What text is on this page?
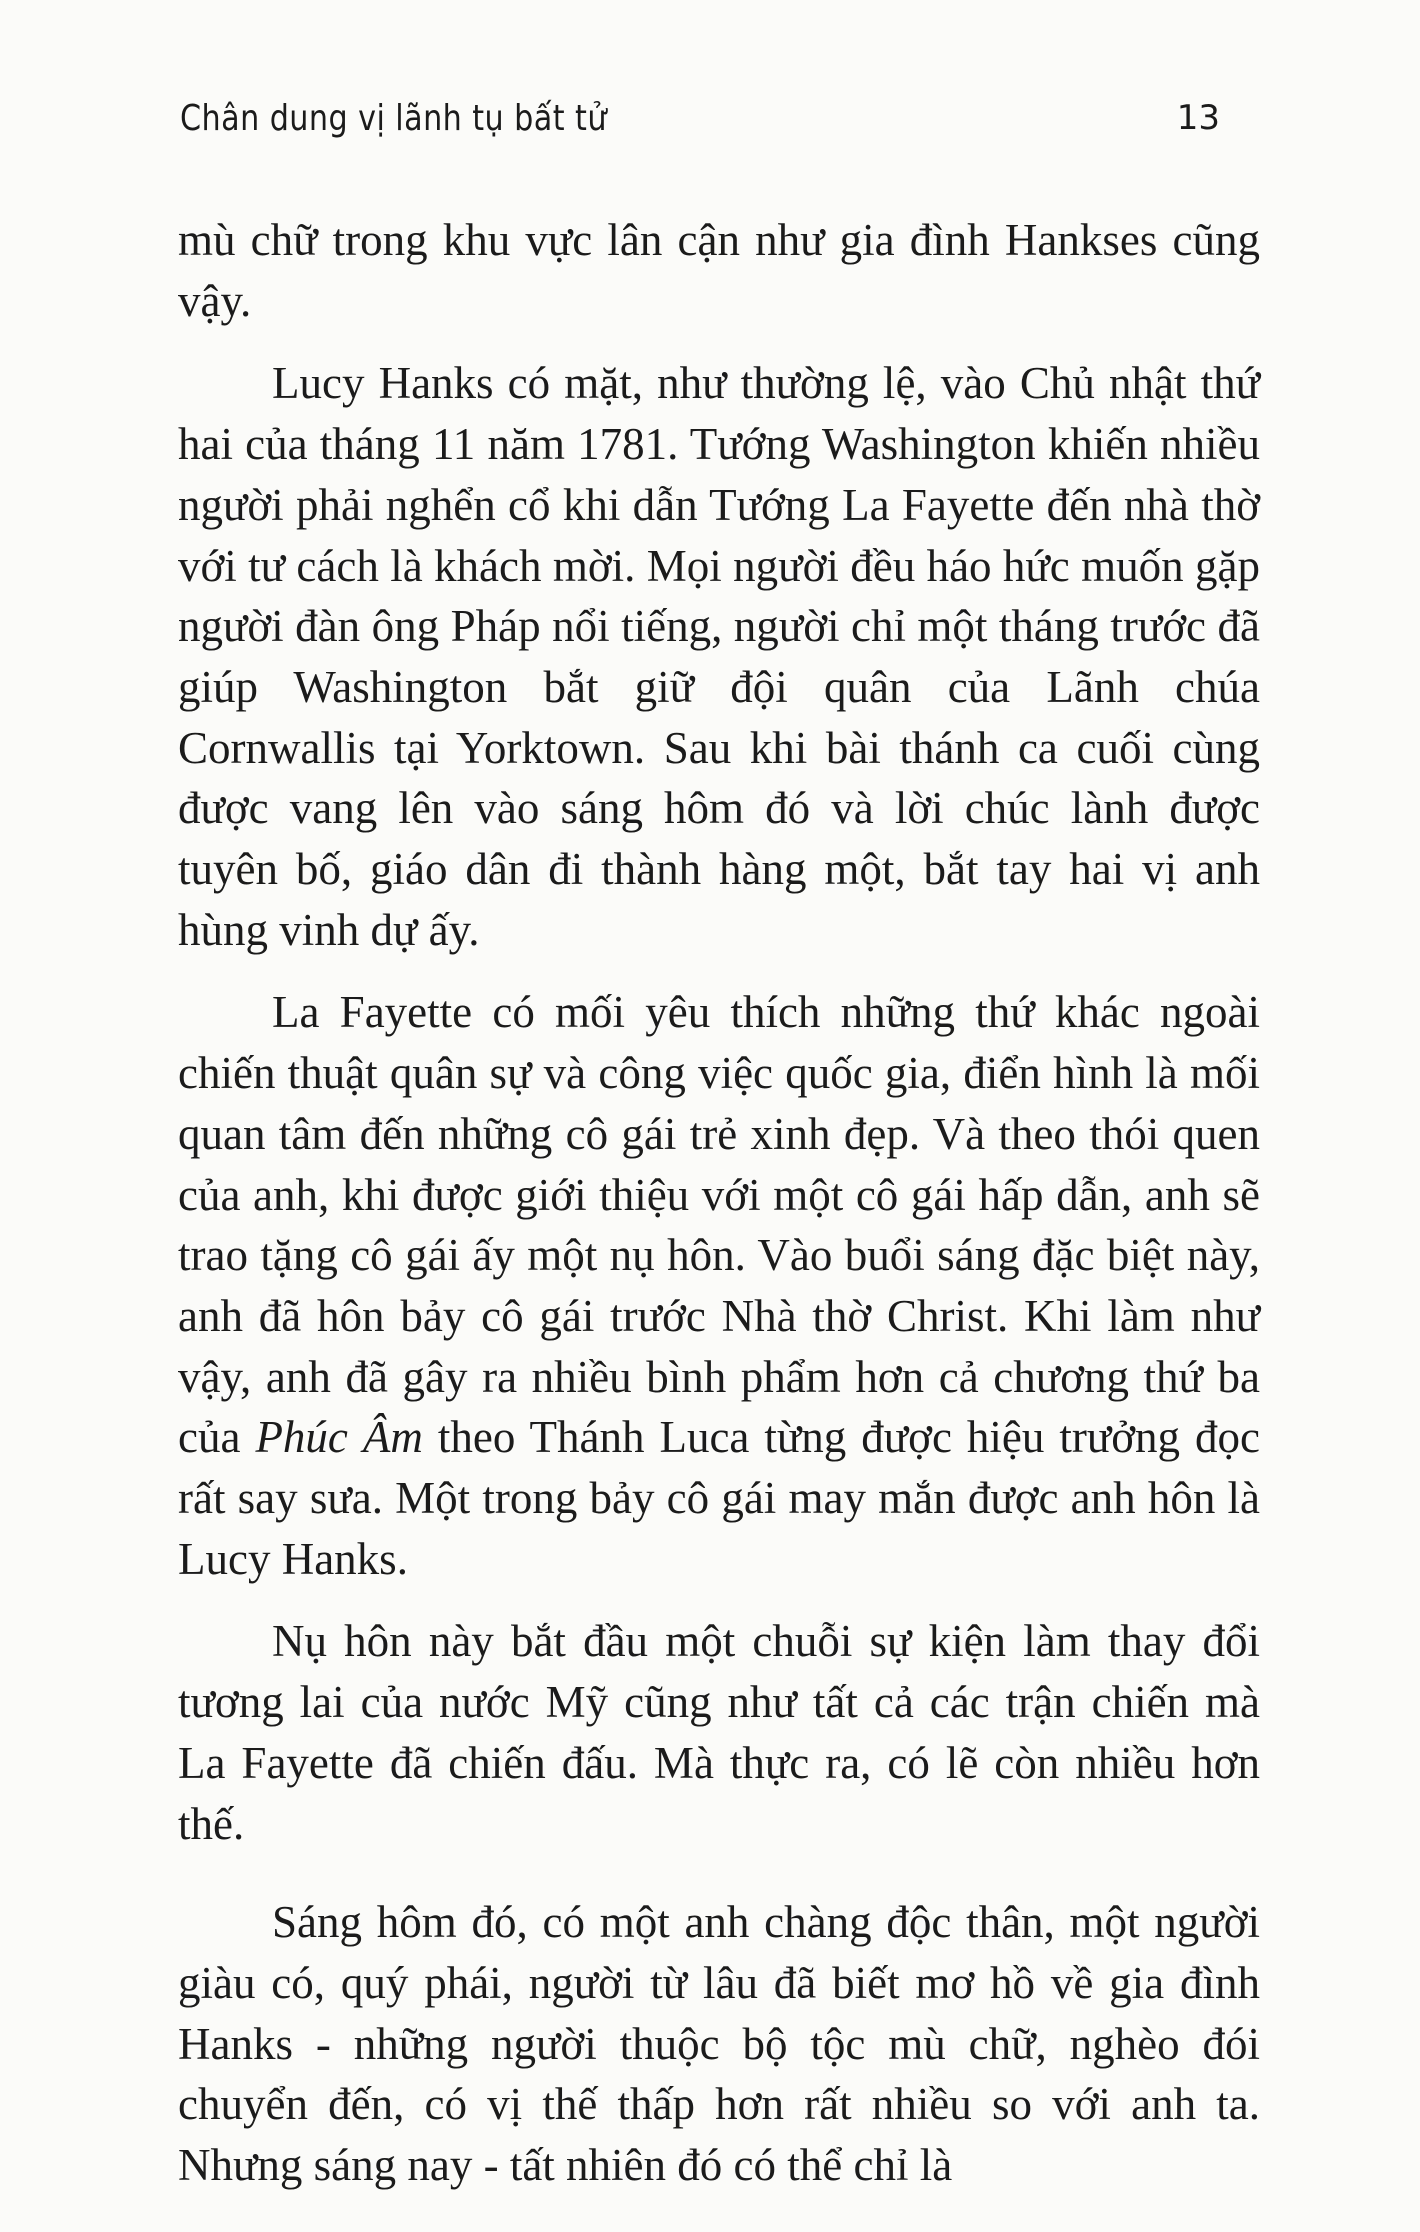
Chân dung vị lãnh tụ bất tử	13

mù chữ trong khu vực lân cận như gia đình Hankses cũng vậy.

Lucy Hanks có mặt, như thường lệ, vào Chủ nhật thứ hai của tháng 11 năm 1781. Tướng Washington khiến nhiều người phải nghển cổ khi dẫn Tướng La Fayette đến nhà thờ với tư cách là khách mời. Mọi người đều háo hức muốn gặp người đàn ông Pháp nổi tiếng, người chỉ một tháng trước đã giúp Washington bắt giữ đội quân của Lãnh chúa Cornwallis tại Yorktown. Sau khi bài thánh ca cuối cùng được vang lên vào sáng hôm đó và lời chúc lành được tuyên bố, giáo dân đi thành hàng một, bắt tay hai vị anh hùng vinh dự ấy.

La Fayette có mối yêu thích những thứ khác ngoài chiến thuật quân sự và công việc quốc gia, điển hình là mối quan tâm đến những cô gái trẻ xinh đẹp. Và theo thói quen của anh, khi được giới thiệu với một cô gái hấp dẫn, anh sẽ trao tặng cô gái ấy một nụ hôn. Vào buổi sáng đặc biệt này, anh đã hôn bảy cô gái trước Nhà thờ Christ. Khi làm như vậy, anh đã gây ra nhiều bình phẩm hơn cả chương thứ ba của Phúc Âm theo Thánh Luca từng được hiệu trưởng đọc rất say sưa. Một trong bảy cô gái may mắn được anh hôn là Lucy Hanks.

Nụ hôn này bắt đầu một chuỗi sự kiện làm thay đổi tương lai của nước Mỹ cũng như tất cả các trận chiến mà La Fayette đã chiến đấu. Mà thực ra, có lẽ còn nhiều hơn thế.

Sáng hôm đó, có một anh chàng độc thân, một người giàu có, quý phái, người từ lâu đã biết mơ hồ về gia đình Hanks - những người thuộc bộ tộc mù chữ, nghèo đói chuyển đến, có vị thế thấp hơn rất nhiều so với anh ta. Nhưng sáng nay - tất nhiên đó có thể chỉ là
